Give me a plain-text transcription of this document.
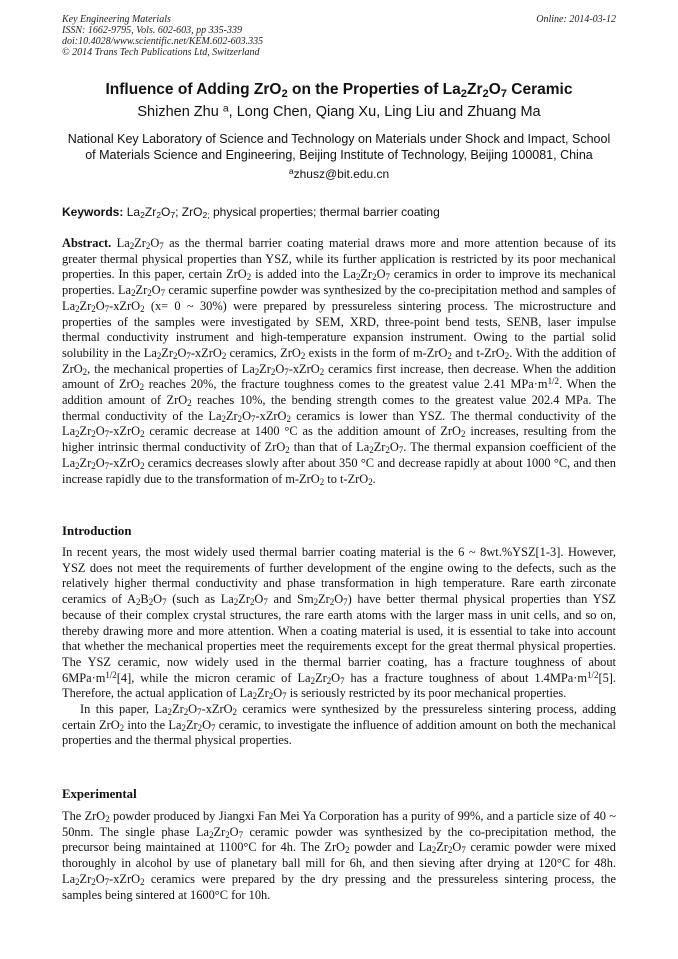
Key Engineering Materials
ISSN: 1662-9795, Vols. 602-603, pp 335-339
doi:10.4028/www.scientific.net/KEM.602-603.335
© 2014 Trans Tech Publications Ltd, Switzerland
Online: 2014-03-12
Influence of Adding ZrO$_2$ on the Properties of $La_2Zr_2O_7$ Ceramic
Shizhen Zhu $^a$, Long Chen, Qiang Xu, Ling Liu and Zhuang Ma
National Key Laboratory of Science and Technology on Materials under Shock and Impact, School of Materials Science and Engineering, Beijing Institute of Technology, Beijing 100081, China
$^a$zhusz@bit.edu.cn
Keywords: $La_2Zr_2O_7$; ZrO$_{2;}$ physical properties; thermal barrier coating

Abstract. $La_2Zr_2O_7$ as the thermal barrier coating material draws more and more attention because of its greater thermal physical properties than YSZ, while its further application is restricted by its poor mechanical properties. In this paper, certain ZrO$_2$ is added into the $La_2Zr_2O_7$ ceramics in order to improve its mechanical properties. $La_2Zr_2O_7$ ceramic superfine powder was synthesized by the co-precipitation method and samples of $La_2Zr_2O_7-xZrO_2$ (x= 0 ~ 30%) were prepared by pressureless sintering process. The microstructure and properties of the samples were investigated by SEM, XRD, three-point bend tests, SENB, laser impulse thermal conductivity instrument and high-temperature expansion instrument. Owing to the partial solid solubility in the $La_2Zr_2O_7-xZrO_2$ ceramics, ZrO$_2$ exists in the form of m-ZrO$_2$ and t-ZrO$_2$. With the addition of ZrO$_2$, the mechanical properties of $La_2Zr_2O_7-xZrO_2$ ceramics first increase, then decrease. When the addition amount of ZrO$_2$ reaches 20%, the fracture toughness comes to the greatest value 2.41 $MPa\cdot m^{1/2}$. When the addition amount of ZrO$_2$ reaches 10%, the bending strength comes to the greatest value 202.4 MPa. The thermal conductivity of the $La_2Zr_2O_7-xZrO_2$ ceramics is lower than YSZ. The thermal conductivity of the $La_2Zr_2O_7-xZrO_2$ ceramic decrease at 1400 °C as the addition amount of ZrO$_2$ increases, resulting from the higher intrinsic thermal conductivity of ZrO$_2$ than that of $La_2Zr_2O_7$. The thermal expansion coefficient of the $La_2Zr_2O_7-xZrO_2$ ceramics decreases slowly after about 350 °C and decrease rapidly at about 1000 °C, and then increase rapidly due to the transformation of m-ZrO$_2$ to t-ZrO$_2$.

Introduction

In recent years, the most widely used thermal barrier coating material is the 6 ~ 8wt.%YSZ[1-3]. However, YSZ does not meet the requirements of further development of the engine owing to the defects, such as the relatively higher thermal conductivity and phase transformation in high temperature. Rare earth zirconate ceramics of $A_2B_2O_7$ (such as $La_2Zr_2O_7$ and $Sm_2Zr_2O_7$) have better thermal physical properties than YSZ because of their complex crystal structures, the rare earth atoms with the larger mass in unit cells, and so on, thereby drawing more and more attention. When a coating material is used, it is essential to take into account that whether the mechanical properties meet the requirements except for the great thermal physical properties. The YSZ ceramic, now widely used in the thermal barrier coating, has a fracture toughness of about $6MPa\cdot m^{1/2}[4]$, while the micron ceramic of $La_2Zr_2O_7$ has a fracture toughness of about $1.4MPa\cdot m^{1/2}[5]$. Therefore, the actual application of $La_2Zr_2O_7$ is seriously restricted by its poor mechanical properties.

In this paper, $La_2Zr_2O_7-xZrO_2$ ceramics were synthesized by the pressureless sintering process, adding certain ZrO$_2$ into the $La_2Zr_2O_7$ ceramic, to investigate the influence of addition amount on both the mechanical properties and the thermal physical properties.

Experimental

The ZrO$_2$ powder produced by Jiangxi Fan Mei Ya Corporation has a purity of 99%, and a particle size of 40 ~ 50nm. The single phase $La_2Zr_2O_7$ ceramic powder was synthesized by the co-precipitation method, the precursor being maintained at 1100°C for 4h. The ZrO$_2$ powder and $La_2Zr_2O_7$ ceramic powder were mixed thoroughly in alcohol by use of planetary ball mill for 6h, and then sieving after drying at 120°C for 48h. $La_2Zr_2O_7-xZrO_2$ ceramics were prepared by the dry pressing and the pressureless sintering process, the samples being sintered at 1600°C for 10h.
